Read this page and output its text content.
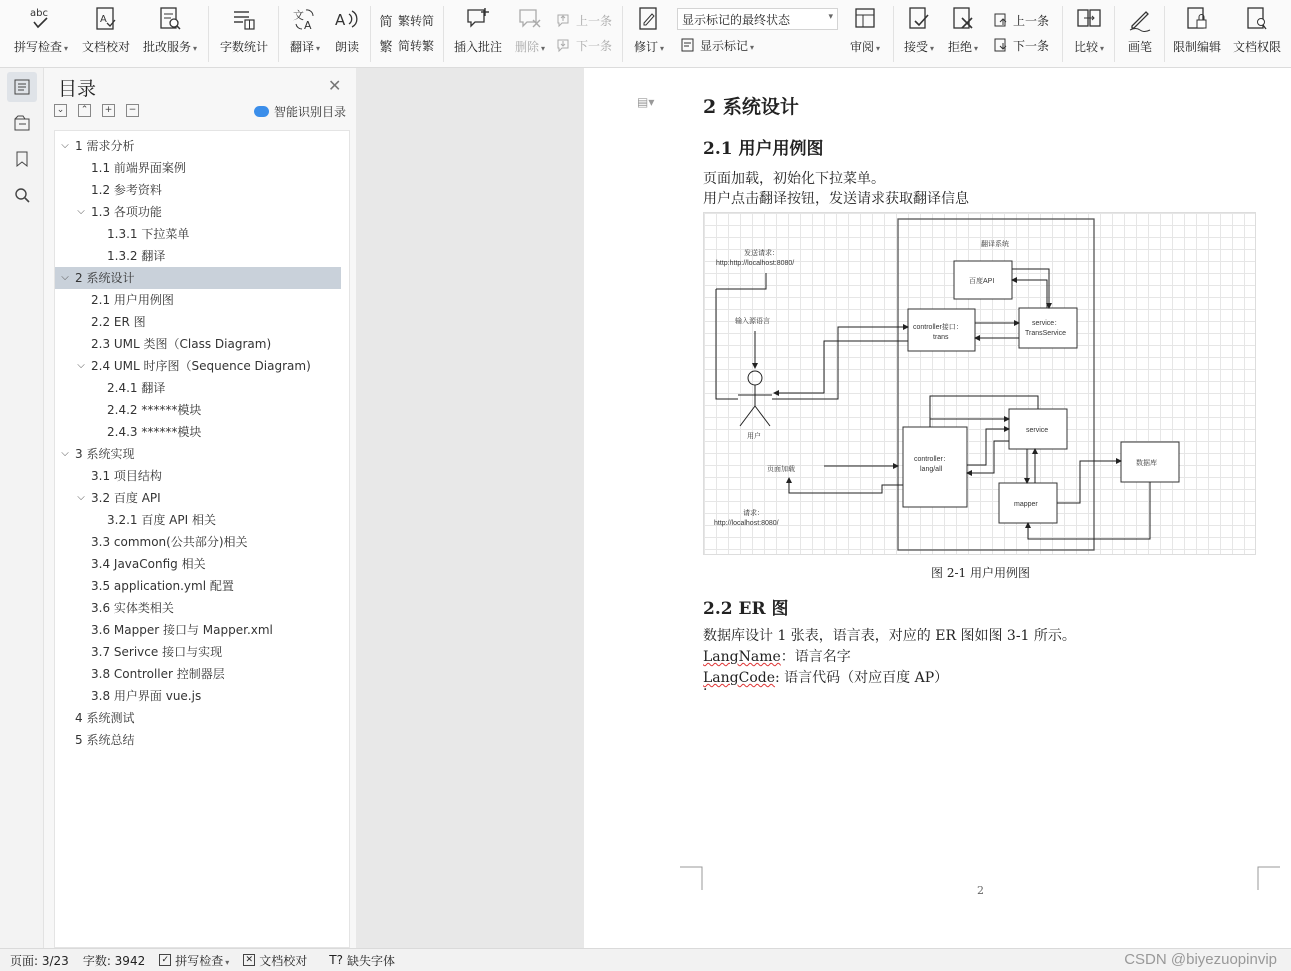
abc
拼写检查 ▾
A
文档校对 批改服务 ▾	字数统计
文
A
翻译 ▾
A
朗读
简 繁转简
繁 简转繁 插入批注 删除 ▾
上一条
下一条 修订 ▾
显示标记的最终状态 ▾
显示标记 ▾	审阅 ▾	接受 ▾	拒绝 ▾
上一条
下一条 比较 ▾	画笔 限制编辑 文档权限
目录	✕
⌄	⌃	+	−	智能识别目录
⌵ 1 需求分析
1.1 前端界面案例
1.2 参考资料
⌵ 1.3 各项功能
1.3.1 下拉菜单
1.3.2 翻译
⌵ 2 系统设计
2.1 用户用例图
2.2 ER 图
2.3 UML 类图（Class Diagram)
⌵ 2.4 UML 时序图（Sequence Diagram)
2.4.1 翻译
2.4.2 ******模块
2.4.3 ******模块
⌵ 3 系统实现
3.1 项目结构
⌵ 3.2 百度 API
3.2.1 百度 API 相关
3.3 common(公共部分)相关
3.4 JavaConfig 相关
3.5 application.yml 配置
3.6 实体类相关
3.6 Mapper 接口与 Mapper.xml
3.7 Serivce 接口与实现
3.8 Controller 控制器层
3.8 用户界面 vue.js
4 系统测试
5 系统总结
▤▾	2 系统设计
2.1 用户用例图
页面加载，初始化下拉菜单。
用户点击翻译按钮，发送请求获取翻译信息
翻译系统
百度API
controller接口：
trans
service：
TransService
controller：
lang/all
service
mapper
数据库
发送请求：
http:http://localhost:8080/
输入源语言
用户
页面加载
请求：
http://localhost:8080/
图 2-1 用户用例图
2.2 ER 图
数据库设计 1 张表，语言表，对应的 ER 图如图 3-1 所示。
LangName：语言名字
LangCode: 语言代码（对应百度 AP）
·
2
页面: 3/23 字数: 3942 ✓ 拼写检查 ▾	✕ 文档校对 T? 缺失字体	CSDN @biyezuopinvip
